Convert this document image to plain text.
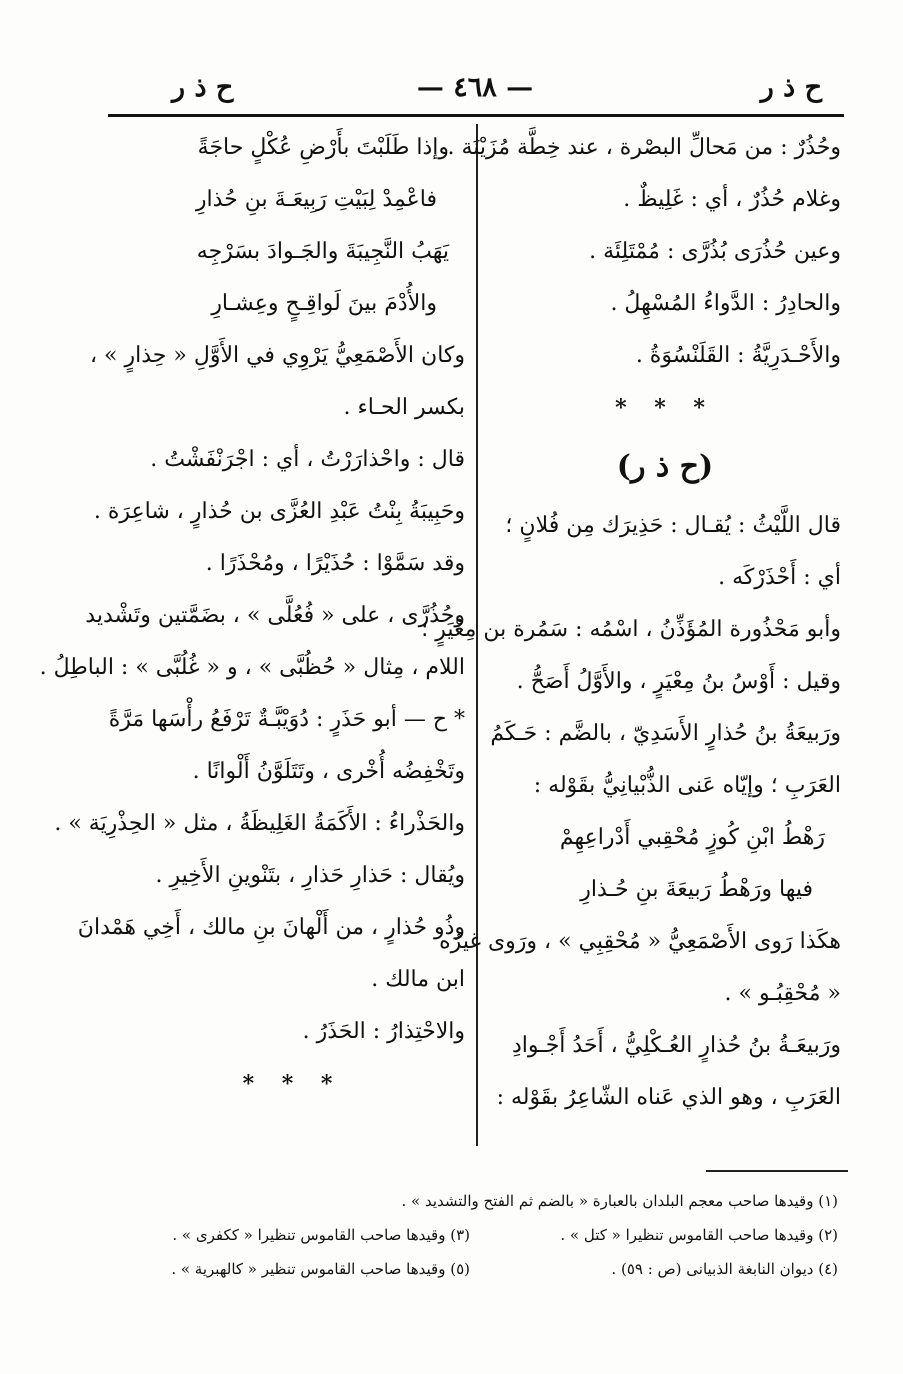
ح ذ ر
— ٤٦٨ —
ح ذ ر
وحُذُرٌ : من مَحالِّ البصْرة ، عند خِطَّة مُزَيْنَة .
وغلام حُذُرٌ ، أي : غَلِيظٌ .
وعين حُذُرَى بُذُرَّى : مُمْتَلِئَة .
والحادِرُ : الدَّواءُ المُسْهِلُ .
والأَحْـدَرِيَّةُ : القَلَنْسُوَةُ .
* * *
(ح ذ ر)
قال اللَّيْثُ : يُقـال : حَذِيرَك مِن فُلانٍ ؛
أي : أَحْذَرْكَه .
وأبو مَحْذُورة المُؤَذِّنُ ، اسْمُه : سَمُرة بن مِعْيَرٍ ؛
وقيل : أَوْسُ بنُ مِعْيَرٍ ، والأَوَّلُ أَصَحُّ .
ورَبيعَةُ بنُ حُذارٍ الأَسَدِيّ ، بالضَّم : حَـكَمُ
العَرَبِ ؛ وإيّاه عَنى الذُّبْيانِيُّ بقَوْله :
رَهْطُ ابْنِ كُوزٍ مُحْقِبي أَدْراعِهِمْ
فيها ورَهْطُ رَبيعَةَ بنِ حُـذارِ
هكَذا رَوى الأَصْمَعِيُّ « مُحْقِبِي » ، ورَوى غيرُه
« مُحْقِبُـو » .
ورَبيعَـةُ بنُ حُذارٍ العُـكْلِيُّ ، أَحَدُ أَجْـوادِ
العَرَبِ ، وهو الذي عَناه الشّاعِرُ بقَوْله :
وإذا طَلَبْتَ بأَرْضِ عُكْلٍ حاجَةً
فاعْمِدْ لِبَيْتِ رَبِيعَـةَ بنِ حُذارِ
يَهَبُ النَّجِيبَةَ والجَـوادَ بسَرْجِه
والأُدْمَ بينَ لَواقِـحٍ وعِشـارِ
وكان الأَصْمَعِيُّ يَرْوِي في الأَوَّلِ « حِذارٍ » ،
بكسر الحـاء .
قال : واحْذارَرْتُ ، أي : اجْرَنْفَشْتُ .
وحَبِيبَةُ بِنْتُ عَبْدِ العُزَّى بن حُذارٍ ، شاعِرَة .
وقد سَمَّوْا : حُذَيْرًا ، ومُحْذَرًا .
وحُذُرَّى ، على « فُعُلَّى » ، بضَمَّتين وتَشْديد
اللام ، مِثال « حُظُبَّى » ، و « غُلُبَّى » : الباطِلُ .
* ح — أبو حَذَرٍ : دُوَيْبَّـةٌ تَرْفَعُ رأْسَها مَرَّةً
وتَخْفِضُه أُخْرى ، وتَتَلَوَّنُ أَلْوانًا .
والحَذْراءُ : الأَكَمَةُ الغَلِيظَةُ ، مثل « الحِذْرِيَة » .
ويُقال : حَذارِ حَذارِ ، بتَنْوينِ الأَخِيرِ .
وذُو حُذارٍ ، من أَلْهانَ بنِ مالك ، أَخِي هَمْدانَ
ابن مالك .
والاحْتِذارُ : الحَذَرُ .
* * *
(١) وقيدها صاحب معجم البلدان بالعبارة « بالضم ثم الفتح والتشديد » .
(٢) وقيدها صاحب القاموس تنظيرا « كتل » .
(٣) وقيدها صاحب القاموس تنظيرا « ككفرى » .
(٤) ديوان النابغة الذبيانى (ص : ٥٩) .
(٥) وقيدها صاحب القاموس تنظير « كالهبرية » .
